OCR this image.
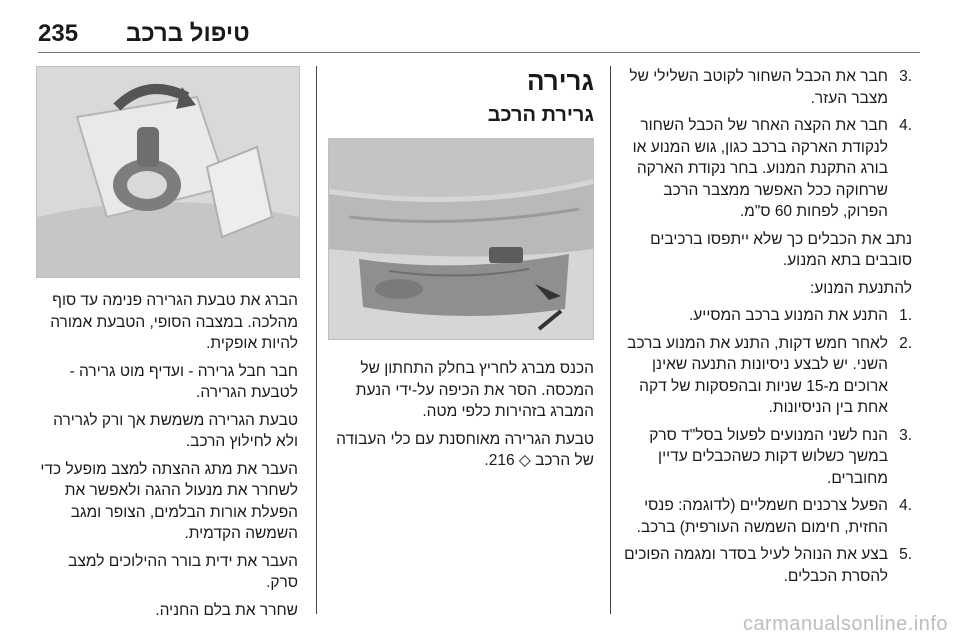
235 טיפול ברכב
.3
חבר את הכבל השחור לקוטב השלילי של מצבר העזר.
.4
חבר את הקצה האחר של הכבל השחור לנקודת הארקה ברכב כגון, גוש המנוע או בורג התקנת המנוע. בחר נקודת הארקה שרחוקה ככל האפשר ממצבר הרכב הפרוק, לפחות 60 ס"מ.
נתב את הכבלים כך שלא ייתפסו ברכיבים סובבים בתא המנוע.
להתנעת המנוע:
.1
התנע את המנוע ברכב המסייע.
.2
לאחר חמש דקות, התנע את המנוע ברכב השני. יש לבצע ניסיונות התנעה שאינן ארוכים מ-15 שניות ובהפסקות של דקה אחת בין הניסיונות.
.3
הנח לשני המנועים לפעול בסל"ד סרק במשך כשלוש דקות כשהכבלים עדיין מחוברים.
.4
הפעל צרכנים חשמליים (לדוגמה: פנסי החזית, חימום השמשה העורפית) ברכב.
.5
בצע את הנוהל לעיל בסדר ומגמה הפוכים להסרת הכבלים.
גרירה
גרירת הרכב
הכנס מברג לחריץ בחלק התחתון של המכסה. הסר את הכיפה על-ידי הנעת המברג בזהירות כלפי מטה.
טבעת הגרירה מאוחסנת עם כלי העבודה של הרכב ◇ 216.
הברג את טבעת הגרירה פנימה עד סוף מהלכה. במצבה הסופי, הטבעת אמורה להיות אופקית.
חבר חבל גרירה - ועדיף מוט גרירה - לטבעת הגרירה.
טבעת הגרירה משמשת אך ורק לגרירה ולא לחילוץ הרכב.
העבר את מתג ההצתה למצב מופעל כדי לשחרר את מנעול ההגה ולאפשר את הפעלת אורות הבלמים, הצופר ומגב השמשה הקדמית.
העבר את ידית בורר ההילוכים למצב סרק.
שחרר את בלם החניה.
carmanualsonline.info
